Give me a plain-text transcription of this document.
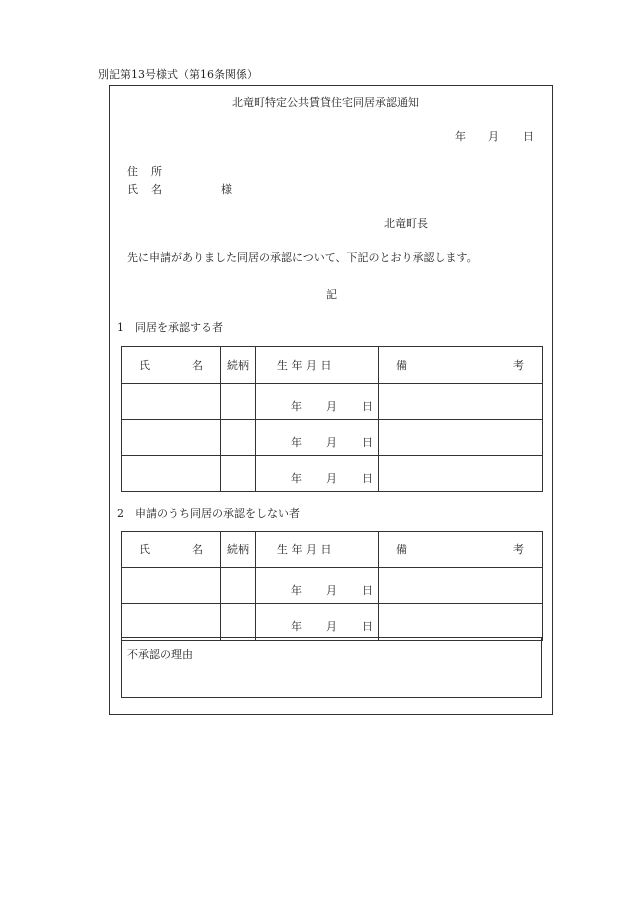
別記第13号様式（第16条関係）
北竜町特定公共賃貸住宅同居承認通知
年 月 日
住 所
氏 名	様
北竜町長
先に申請がありました同居の承認について、下記のとおり承認します。
記
1　同居を承認する者
氏 名	続柄	生 年 月 日	備 考

		年 月 日	

		年 月 日	

		年 月 日	

2　申請のうち同居の承認をしない者
氏 名	続柄	生 年 月 日	備 考

		年 月 日	

		年 月 日	

不承認の理由
